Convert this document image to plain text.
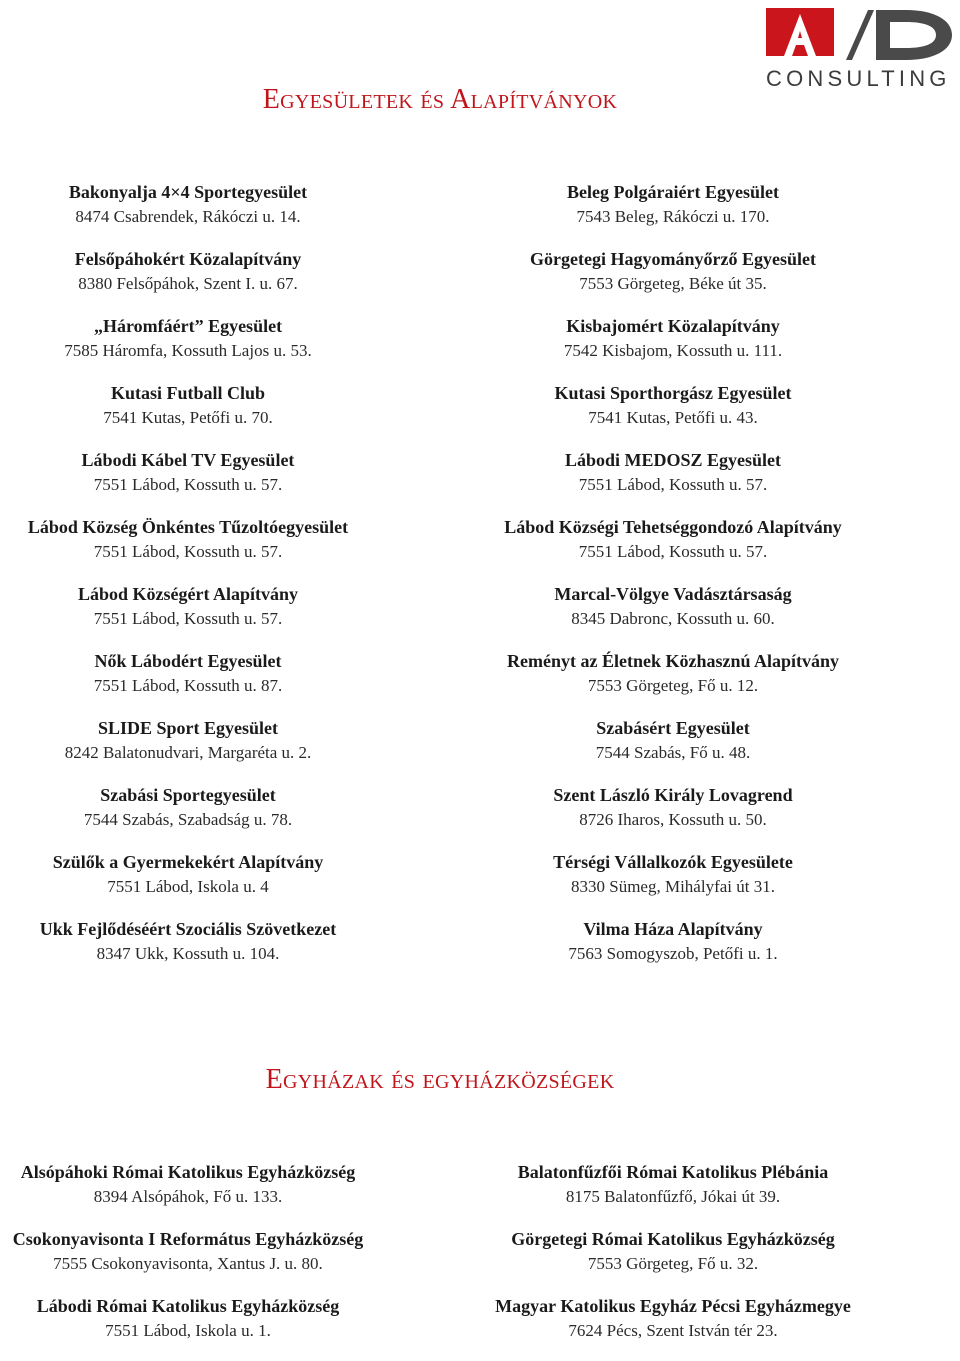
CONSULTING
Egyesületek és Alapítványok
Bakonyalja 4×4 Sportegyesület
8474 Csabrendek, Rákóczi u. 14.
Felsőpáhokért Közalapítvány
8380 Felsőpáhok, Szent I. u. 67.
„Háromfáért” Egyesület
7585 Háromfa, Kossuth Lajos u. 53.
Kutasi Futball Club
7541 Kutas, Petőfi u. 70.
Lábodi Kábel TV Egyesület
7551 Lábod, Kossuth u. 57.
Lábod Község Önkéntes Tűzoltóegyesület
7551 Lábod, Kossuth u. 57.
Lábod Községért Alapítvány
7551 Lábod, Kossuth u. 57.
Nők Lábodért Egyesület
7551 Lábod, Kossuth u. 87.
SLIDE Sport Egyesület
8242 Balatonudvari, Margaréta u. 2.
Szabási Sportegyesület
7544 Szabás, Szabadság u. 78.
Szülők a Gyermekekért Alapítvány
7551 Lábod, Iskola u. 4
Ukk Fejlődéséért Szociális Szövetkezet
8347 Ukk, Kossuth u. 104.
Beleg Polgáraiért Egyesület
7543 Beleg, Rákóczi u. 170.
Görgetegi Hagyományőrző Egyesület
7553 Görgeteg, Béke út 35.
Kisbajomért Közalapítvány
7542 Kisbajom, Kossuth u. 111.
Kutasi Sporthorgász Egyesület
7541 Kutas, Petőfi u. 43.
Lábodi MEDOSZ Egyesület
7551 Lábod, Kossuth u. 57.
Lábod Községi Tehetséggondozó Alapítvány
7551 Lábod, Kossuth u. 57.
Marcal-Völgye Vadásztársaság
8345 Dabronc, Kossuth u. 60.
Reményt az Életnek Közhasznú Alapítvány
7553 Görgeteg, Fő u. 12.
Szabásért Egyesület
7544 Szabás, Fő u. 48.
Szent László Király Lovagrend
8726 Iharos, Kossuth u. 50.
Térségi Vállalkozók Egyesülete
8330 Sümeg, Mihályfai út 31.
Vilma Háza Alapítvány
7563 Somogyszob, Petőfi u. 1.
Egyházak és egyházközségek
Alsópáhoki Római Katolikus Egyházközség
8394 Alsópáhok, Fő u. 133.
Csokonyavisonta I Református Egyházközség
7555 Csokonyavisonta, Xantus J. u. 80.
Lábodi Római Katolikus Egyházközség
7551 Lábod, Iskola u. 1.
Balatonfűzfői Római Katolikus Plébánia
8175 Balatonfűzfő, Jókai út 39.
Görgetegi Római Katolikus Egyházközség
7553 Görgeteg, Fő u. 32.
Magyar Katolikus Egyház Pécsi Egyházmegye
7624 Pécs, Szent István tér 23.
